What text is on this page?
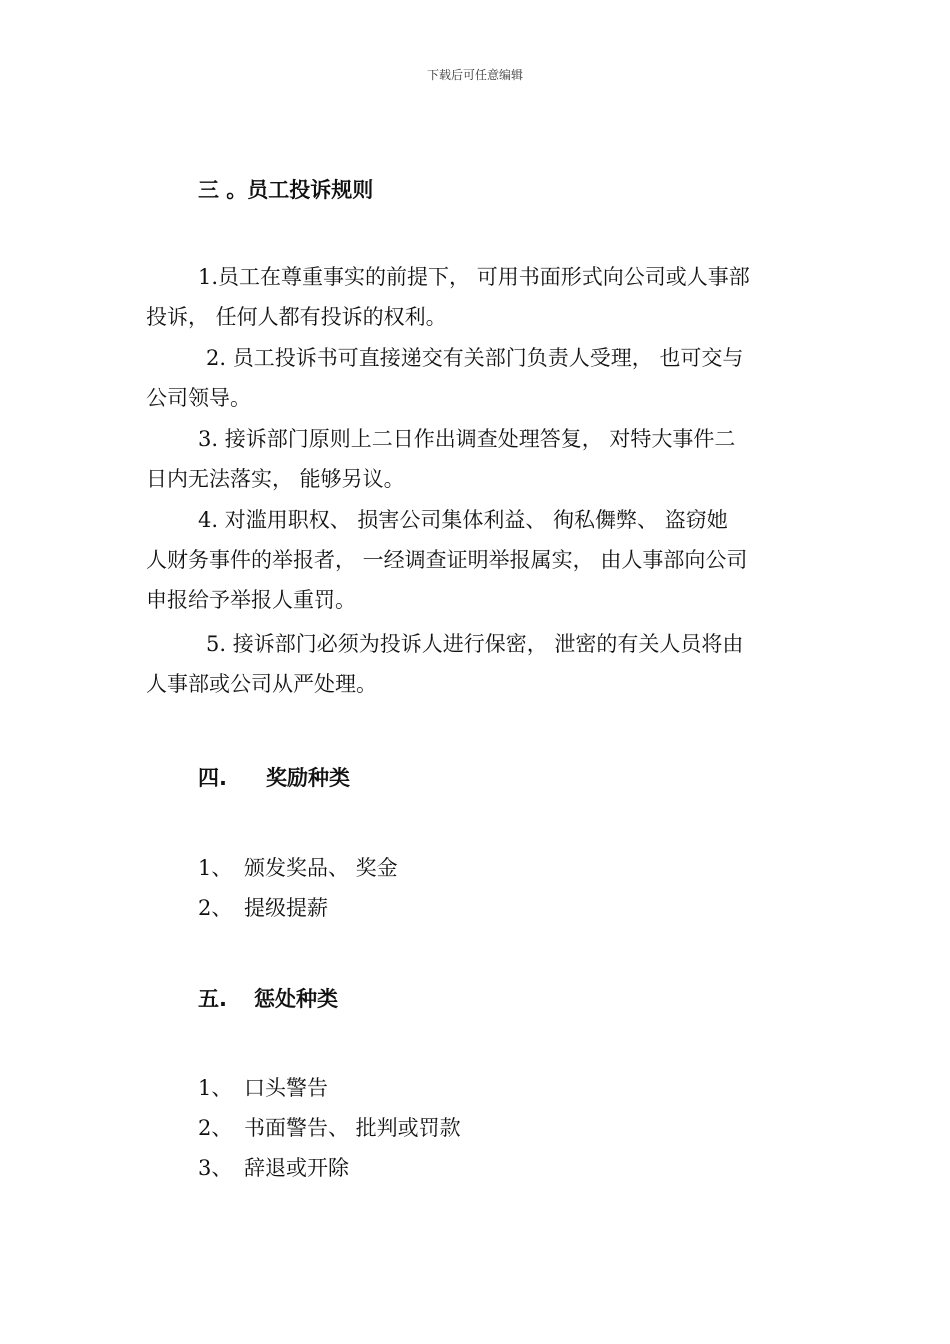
下载后可任意编辑
三 。员工投诉规则
1.员工在尊重事实的前提下， 可用书面形式向公司或人事部
投诉， 任何人都有投诉的权利。
2. 员工投诉书可直接递交有关部门负责人受理， 也可交与
公司领导。
3. 接诉部门原则上二日作出调查处理答复， 对特大事件二
日内无法落实， 能够另议。
4. 对滥用职权、 损害公司集体利益、 徇私儛弊、 盗窃她
人财务事件的举报者， 一经调查证明举报属实， 由人事部向公司
申报给予举报人重罚。
5. 接诉部门必须为投诉人进行保密， 泄密的有关人员将由
人事部或公司从严处理。
四. 奖励种类
1、 颁发奖品、 奖金
2、 提级提薪
五. 惩处种类
1、 口头警告
2、 书面警告、 批判或罚款
3、 辞退或开除
